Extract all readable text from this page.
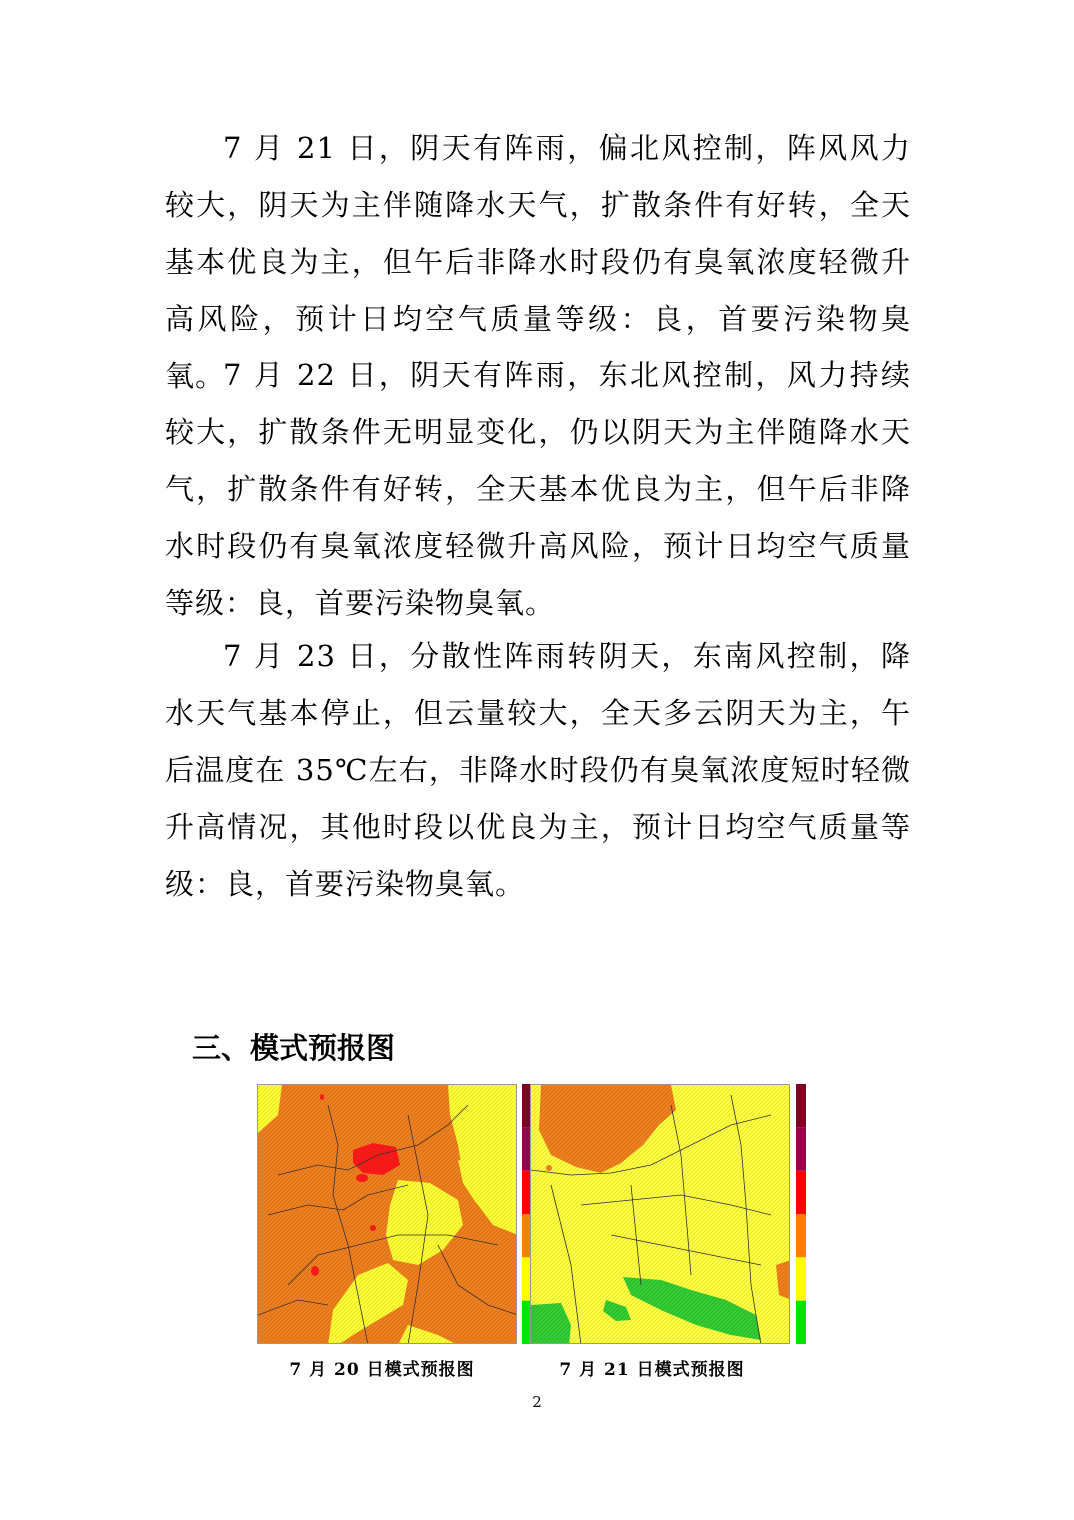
7 月 21 日，阴天有阵雨，偏北风控制，阵风风力较大，阴天为主伴随降水天气，扩散条件有好转，全天基本优良为主，但午后非降水时段仍有臭氧浓度轻微升高风险，预计日均空气质量等级：良，首要污染物臭氧。

7 月 22 日，阴天有阵雨，东北风控制，风力持续较大，扩散条件无明显变化，仍以阴天为主伴随降水天气，扩散条件有好转，全天基本优良为主，但午后非降水时段仍有臭氧浓度轻微升高风险，预计日均空气质量等级：良，首要污染物臭氧。

7 月 23 日，分散性阵雨转阴天，东南风控制，降水天气基本停止，但云量较大，全天多云阴天为主，午后温度在 35℃左右，非降水时段仍有臭氧浓度短时轻微升高情况，其他时段以优良为主，预计日均空气质量等级：良，首要污染物臭氧。

三、模式预报图
7 月 20 日模式预报图	7 月 21 日模式预报图
2
